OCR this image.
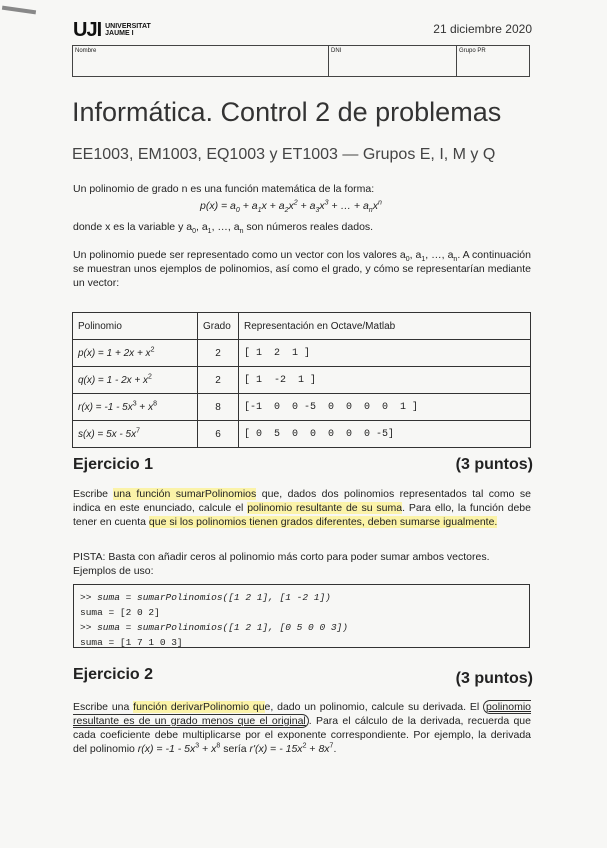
UJI UNIVERSITAT
JAUME I	21 diciembre 2020
Nombre	DNI	Grupo PR
Informática. Control 2 de problemas
EE1003, EM1003, EQ1003 y ET1003 — Grupos E, I, M y Q
Un polinomio de grado n es una función matemática de la forma:
$p(x) = a_0 + a_1x + a_2x^2 + a_3x^3$ + … + $a_nx^n$
donde x es la variable y $a_0$, $a_1$, …, $a_n$ son números reales dados.
Un polinomio puede ser representado como un vector con los valores $a_0$, $a_1$, …, $a_n$. A continuación se muestran unos ejemplos de polinomios, así como el grado, y cómo se representarían mediante un vector:
Polinomio	Grado	Representación en Octave/Matlab
$p(x) = 1 + 2x + x^2$	2	[ 1  2  1 ]
$q(x) = 1 - 2x + x^2$	2	[ 1  -2  1 ]
$r(x) = -1 - 5x^3 + x^8$	8	[-1  0  0 -5  0  0  0  0  1 ]
$s(x) = 5x - 5x^7$	6	[ 0  5  0  0  0  0  0 -5]
Ejercicio 1	(3 puntos)
Escribe una función sumarPolinomios que, dados dos polinomios representados tal como se indica en este enunciado, calcule el polinomio resultante de su suma. Para ello, la función debe tener en cuenta que si los polinomios tienen grados diferentes, deben sumarse igualmente.
PISTA: Basta con añadir ceros al polinomio más corto para poder sumar ambos vectores.
Ejemplos de uso:
>> suma = sumarPolinomios([1 2 1], [1 -2 1])
suma = [2 0 2]
>> suma = sumarPolinomios([1 2 1], [0 5 0 0 3])
suma = [1 7 1 0 3]
Ejercicio 2	(3 puntos)
Escribe una función derivarPolinomio que, dado un polinomio, calcule su derivada. El polinomio resultante es de un grado menos que el original . Para el cálculo de la derivada, recuerda que cada coeficiente debe multiplicarse por el exponente correspondiente. Por ejemplo, la derivada del polinomio $r(x) = -1 - 5x^3 + x^8$ sería r'(x) = - $15x^2 + 8x^7$.
